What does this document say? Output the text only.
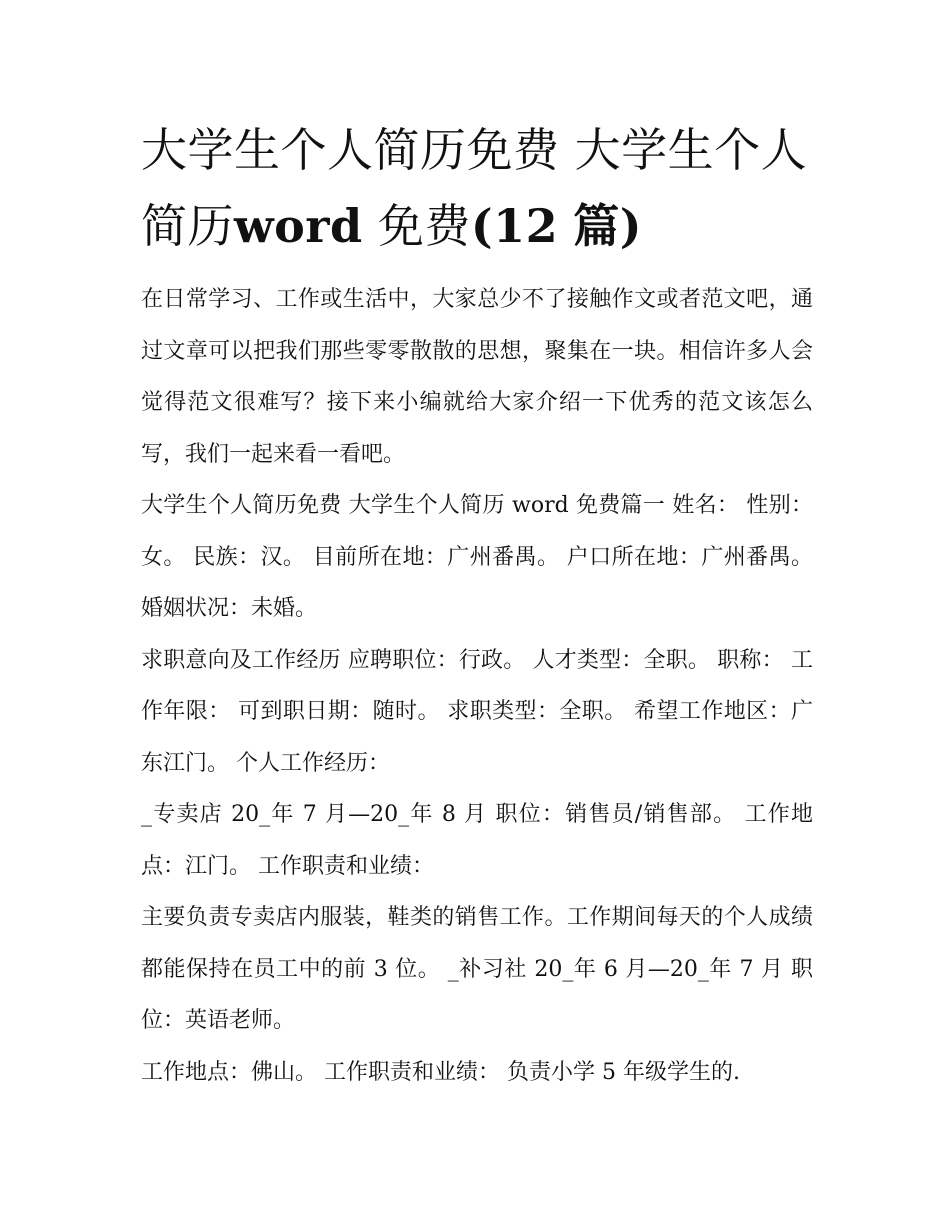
大学生个人简历免费 大学生个人简历word 免费(12 篇)

在日常学习、工作或生活中，大家总少不了接触作文或者范文吧，通过文章可以把我们那些零零散散的思想，聚集在一块。相信许多人会觉得范文很难写？接下来小编就给大家介绍一下优秀的范文该怎么写，我们一起来看一看吧。

大学生个人简历免费 大学生个人简历 word 免费篇一 姓名： 性别：女。 民族：汉。 目前所在地：广州番禺。 户口所在地：广州番禺。 婚姻状况：未婚。

求职意向及工作经历 应聘职位：行政。 人才类型：全职。 职称： 工作年限： 可到职日期：随时。 求职类型：全职。 希望工作地区：广东江门。 个人工作经历：

_专卖店 20_年 7 月—20_年 8 月 职位：销售员/销售部。 工作地点：江门。 工作职责和业绩：

主要负责专卖店内服装，鞋类的销售工作。工作期间每天的个人成绩都能保持在员工中的前 3 位。 _补习社 20_年 6 月—20_年 7 月 职位：英语老师。

工作地点：佛山。 工作职责和业绩： 负责小学 5 年级学生的.
